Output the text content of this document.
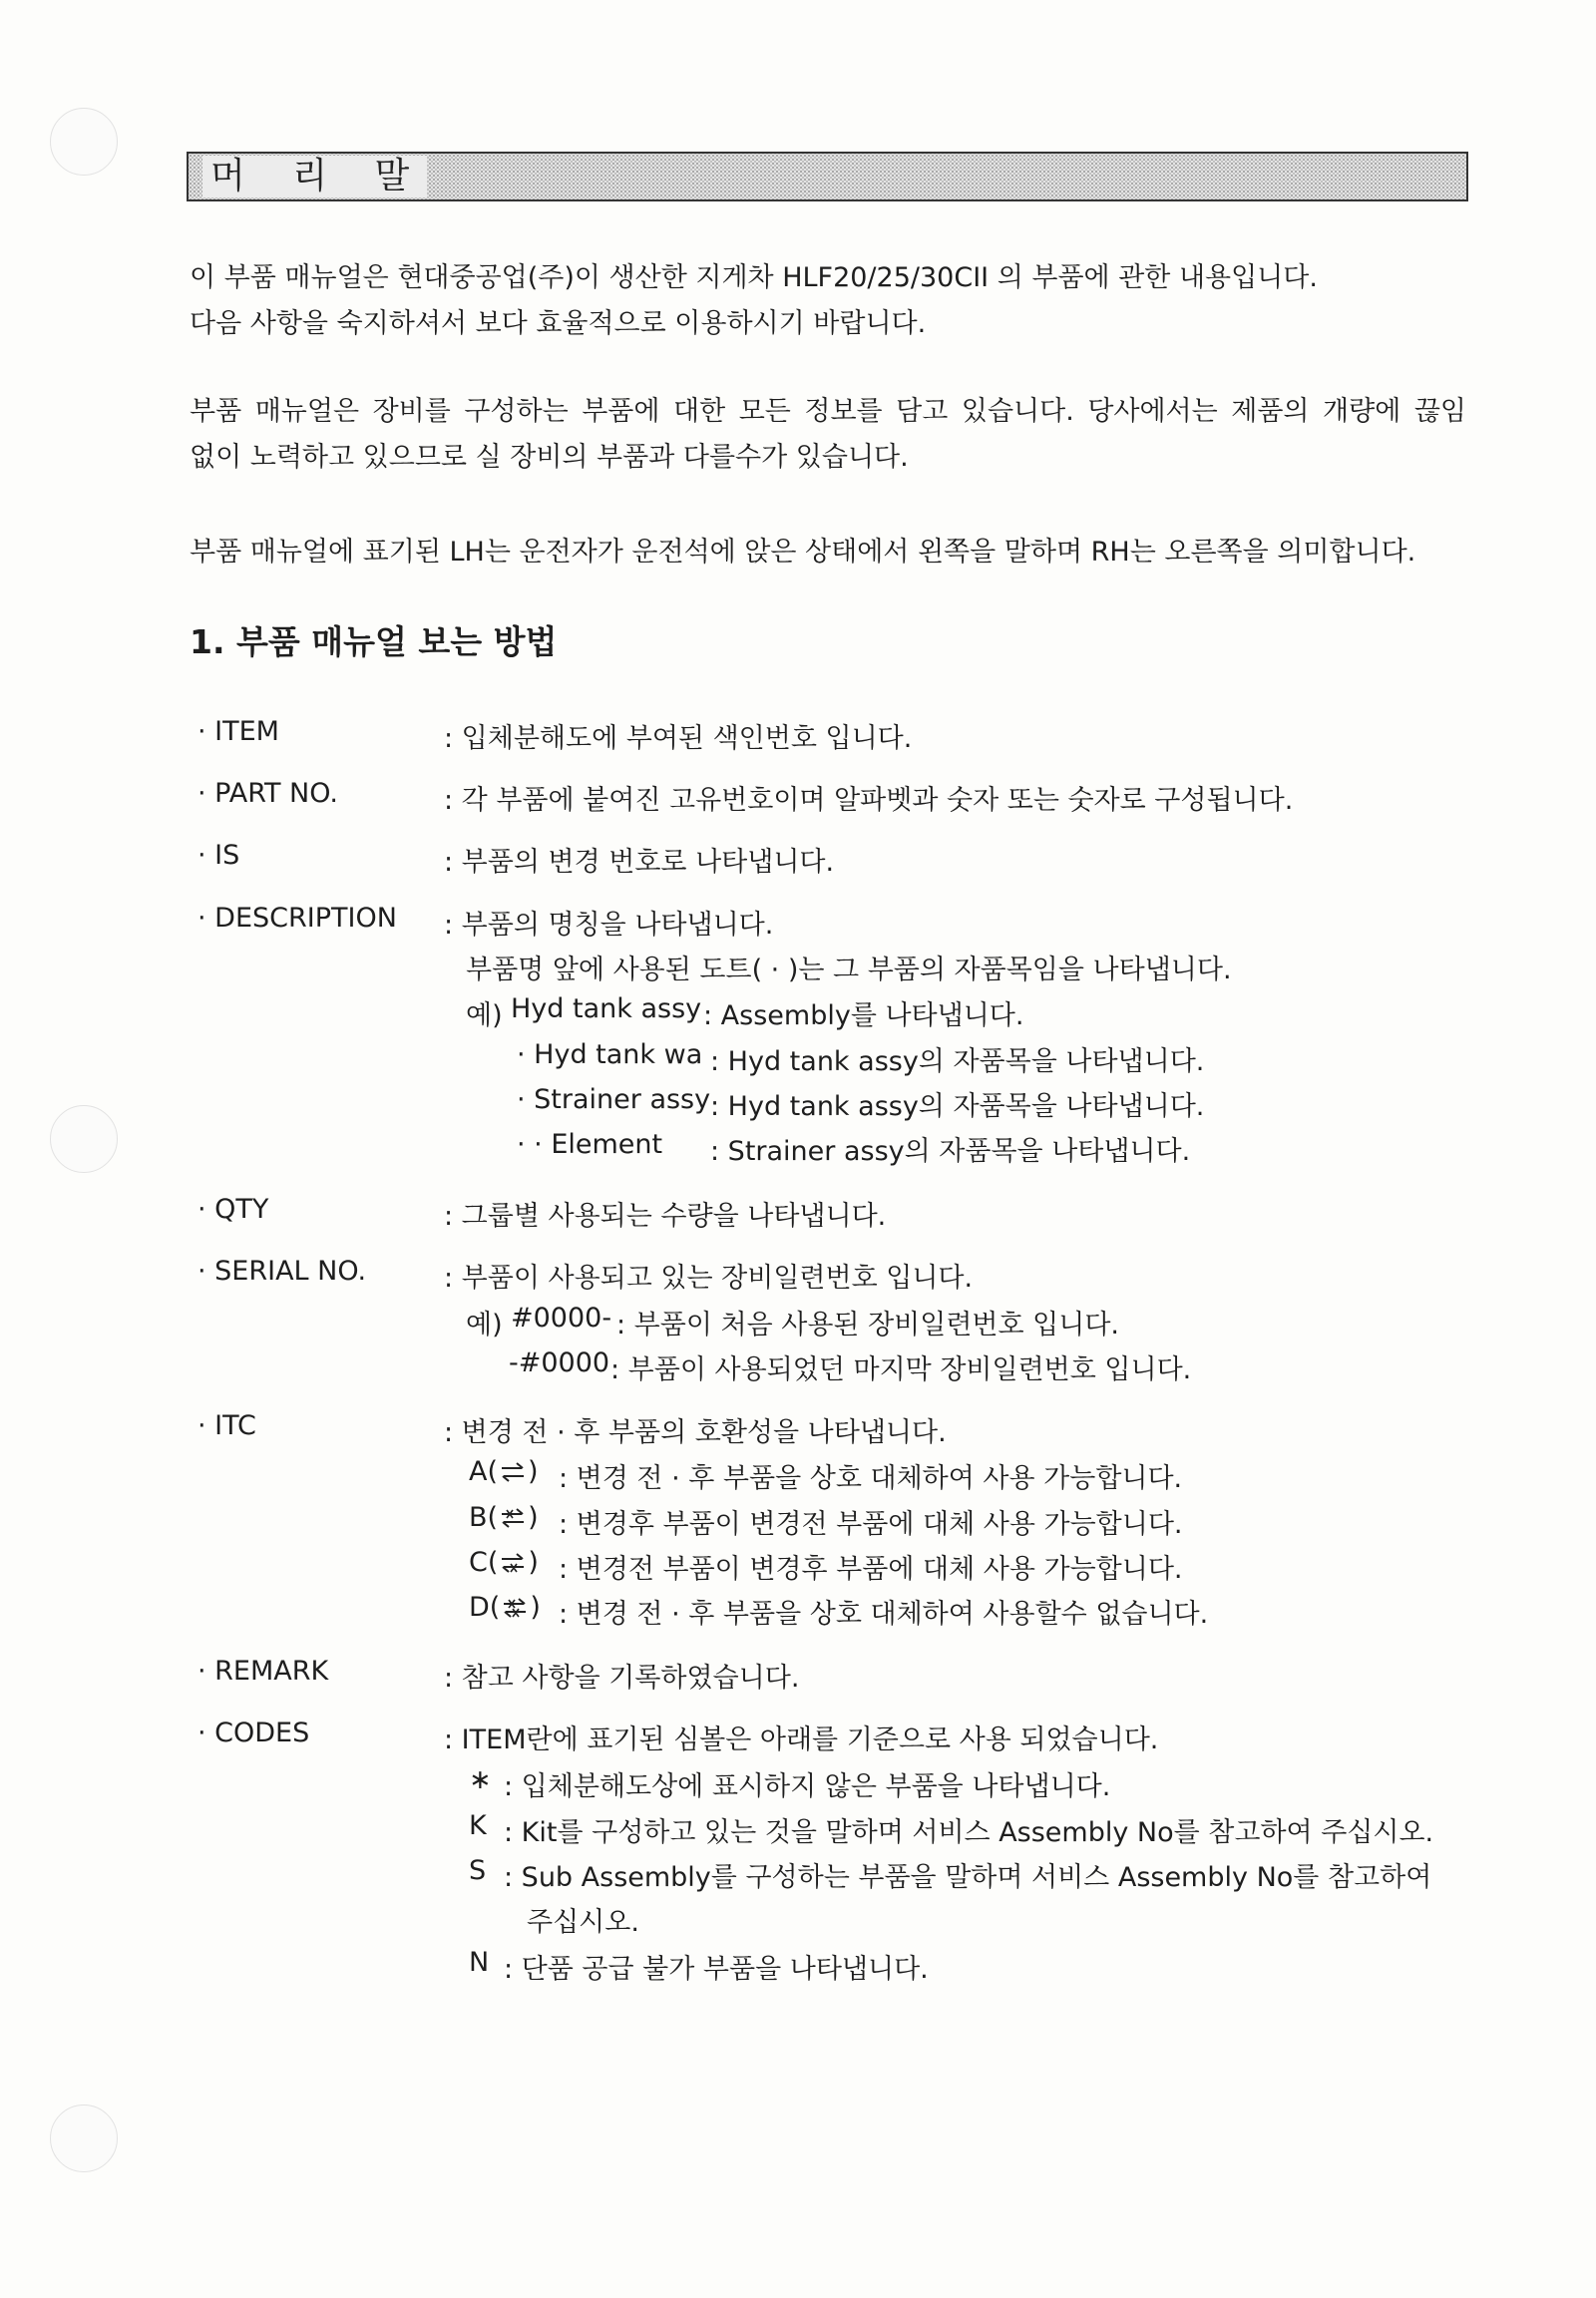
머 리 말
이 부품 매뉴얼은 현대중공업(주)이 생산한 지게차 HLF20/25/30CII 의 부품에 관한 내용입니다.
다음 사항을 숙지하셔서 보다 효율적으로 이용하시기 바랍니다.
부품 매뉴얼은 장비를 구성하는 부품에 대한 모든 정보를 담고 있습니다. 당사에서는 제품의 개량에 끊임
없이 노력하고 있으므로 실 장비의 부품과 다를수가 있습니다.
부품 매뉴얼에 표기된 LH는 운전자가 운전석에 앉은 상태에서 왼쪽을 말하며 RH는 오른쪽을 의미합니다.
1. 부품 매뉴얼 보는 방법
· ITEM	: 입체분해도에 부여된 색인번호 입니다.
· PART NO.	: 각 부품에 붙여진 고유번호이며 알파벳과 숫자 또는 숫자로 구성됩니다.
· IS	: 부품의 변경 번호로 나타냅니다.
· DESCRIPTION : 부품의 명칭을 나타냅니다.
부품명 앞에 사용된 도트( · )는 그 부품의 자품목임을 나타냅니다.
예) Hyd tank assy : Assembly를 나타냅니다.
· Hyd tank wa : Hyd tank assy의 자품목을 나타냅니다.
· Strainer assy : Hyd tank assy의 자품목을 나타냅니다.
· · Element : Strainer assy의 자품목을 나타냅니다.
· QTY	: 그룹별 사용되는 수량을 나타냅니다.
· SERIAL NO.	: 부품이 사용되고 있는 장비일련번호 입니다.
예) #0000- : 부품이 처음 사용된 장비일련번호 입니다.
-#0000 : 부품이 사용되었던 마지막 장비일련번호 입니다.
· ITC	: 변경 전 · 후 부품의 호환성을 나타냅니다.
A( ) : 변경 전 · 후 부품을 상호 대체하여 사용 가능합니다.
B( ) : 변경후 부품이 변경전 부품에 대체 사용 가능합니다.
C( ) : 변경전 부품이 변경후 부품에 대체 사용 가능합니다.
D( ) : 변경 전 · 후 부품을 상호 대체하여 사용할수 없습니다.
· REMARK	: 참고 사항을 기록하였습니다.
· CODES	: ITEM란에 표기된 심볼은 아래를 기준으로 사용 되었습니다.
∗ : 입체분해도상에 표시하지 않은 부품을 나타냅니다.
K : Kit를 구성하고 있는 것을 말하며 서비스 Assembly No를 참고하여 주십시오.
S : Sub Assembly를 구성하는 부품을 말하며 서비스 Assembly No를 참고하여
주십시오.
N : 단품 공급 불가 부품을 나타냅니다.
